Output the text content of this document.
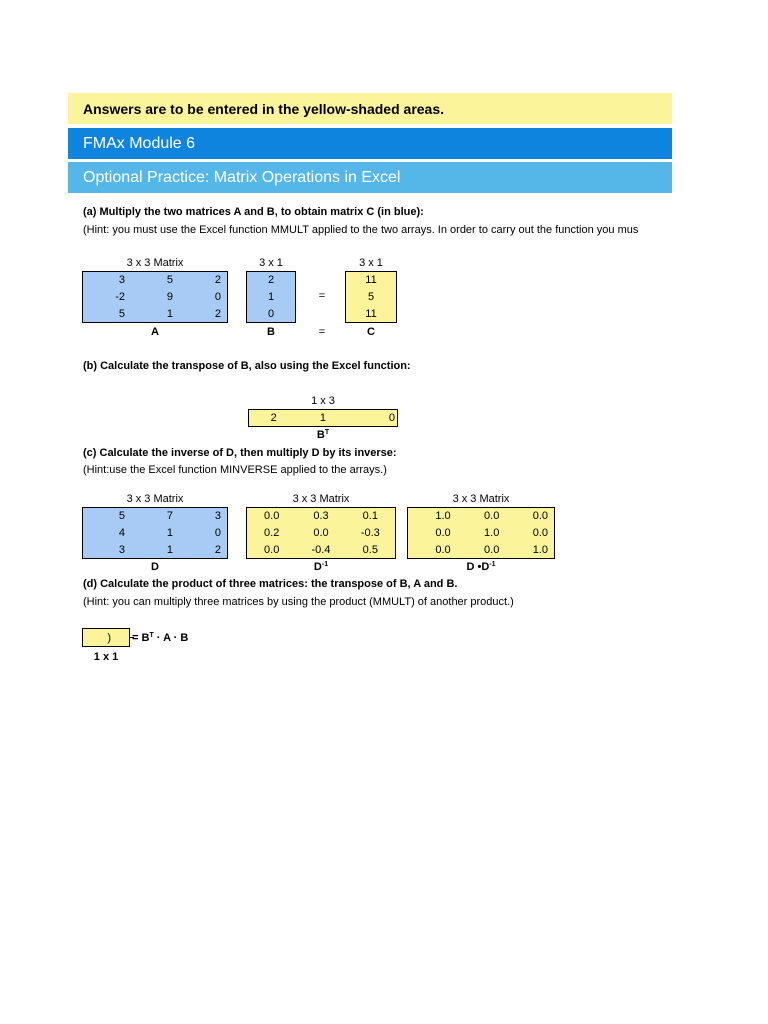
Answers are to be entered in the yellow-shaded areas.
FMAx Module 6
Optional Practice: Matrix Operations in Excel
(a) Multiply the two matrices A and B, to obtain matrix C (in blue):
(Hint: you must use the Excel function MMULT applied to the two arrays. In order to carry out the function you mus
3 x 3 Matrix	3 x 1	3 x 1
3	5	2
-2	9	0
5	1	2
2
1
0
=
11
5
11
A	B	=	C
(b) Calculate the transpose of B, also using the Excel function:
1 x 3
2	1	0
$B^T$
(c) Calculate the inverse of D, then multiply D by its inverse:
(Hint:use the Excel function MINVERSE applied to the arrays.)
3 x 3 Matrix	3 x 3 Matrix	3 x 3 Matrix
5	7	3
4	1	0
3	1	2
0.0	0.3	0.1
0.2	0.0	-0.3
0.0	-0.4	0.5
1.0	0.0	0.0
0.0	1.0	0.0
0.0	0.0	1.0
D	$D^{-1}$	D $•D^{-1}$
(d) Calculate the product of three matrices: the transpose of B, A and B.
(Hint: you can multiply three matrices by using the product (MMULT) of another product.)
)	= $B^T \cdot A \cdot B$
1 x 1
